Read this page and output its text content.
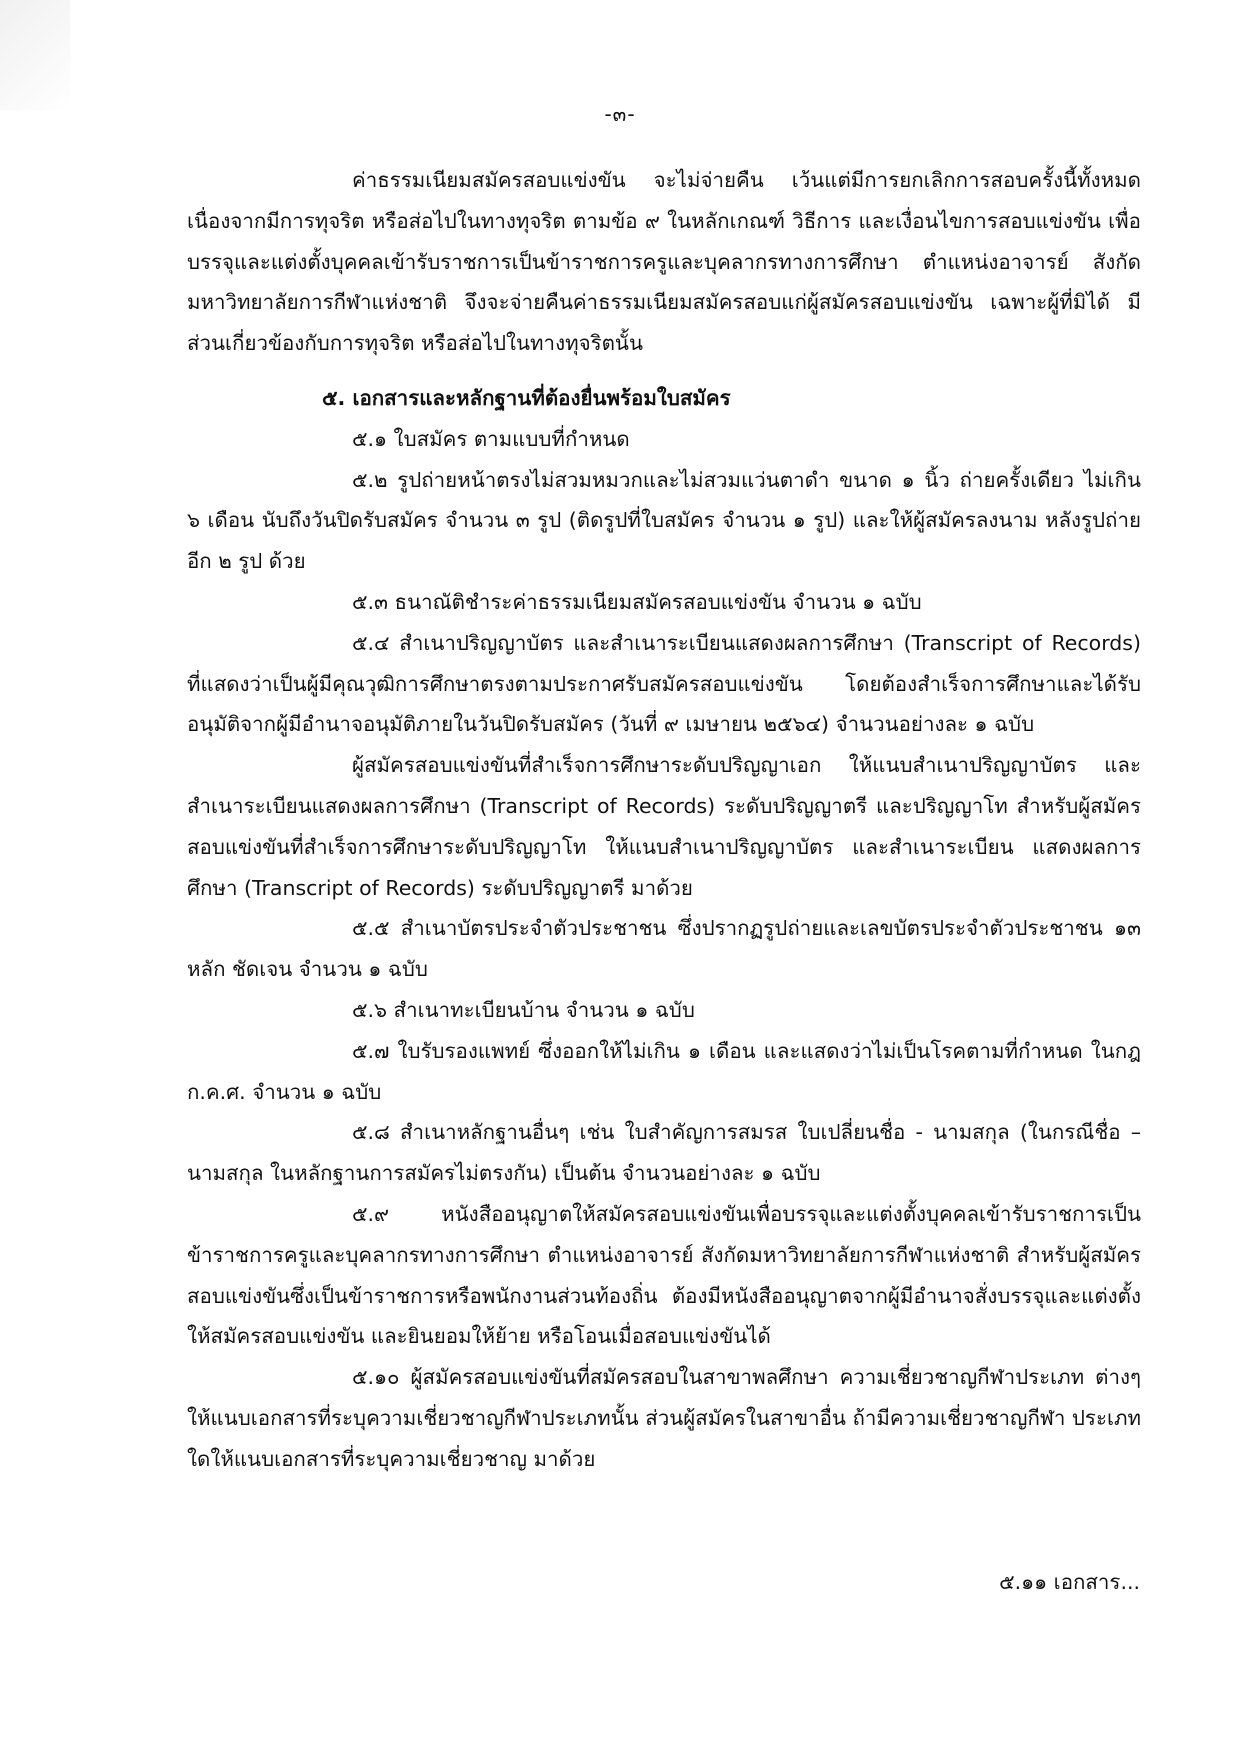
-๓-

ค่าธรรมเนียมสมัครสอบแข่งขัน จะไม่จ่ายคืน เว้นแต่มีการยกเลิกการสอบครั้งนี้ทั้งหมด เนื่องจากมีการทุจริต หรือส่อไปในทางทุจริต ตามข้อ ๙ ในหลักเกณฑ์ วิธีการ และเงื่อนไขการสอบแข่งขัน เพื่อบรรจุและแต่งตั้งบุคคลเข้ารับราชการเป็นข้าราชการครูและบุคลากรทางการศึกษา ตำแหน่งอาจารย์ สังกัด มหาวิทยาลัยการกีฬาแห่งชาติ จึงจะจ่ายคืนค่าธรรมเนียมสมัครสอบแก่ผู้สมัครสอบแข่งขัน เฉพาะผู้ที่มิได้ มีส่วนเกี่ยวข้องกับการทุจริต หรือส่อไปในทางทุจริตนั้น

๕. เอกสารและหลักฐานที่ต้องยื่นพร้อมใบสมัคร

๕.๑ ใบสมัคร ตามแบบที่กำหนด

๕.๒ รูปถ่ายหน้าตรงไม่สวมหมวกและไม่สวมแว่นตาดำ ขนาด ๑ นิ้ว ถ่ายครั้งเดียว ไม่เกิน ๖ เดือน นับถึงวันปิดรับสมัคร จำนวน ๓ รูป (ติดรูปที่ใบสมัคร จำนวน ๑ รูป) และให้ผู้สมัครลงนาม หลังรูปถ่ายอีก ๒ รูป ด้วย

๕.๓ ธนาณัติชำระค่าธรรมเนียมสมัครสอบแข่งขัน จำนวน ๑ ฉบับ

๕.๔ สำเนาปริญญาบัตร และสำเนาระเบียนแสดงผลการศึกษา (Transcript of Records) ที่แสดงว่าเป็นผู้มีคุณวุฒิการศึกษาตรงตามประกาศรับสมัครสอบแข่งขัน โดยต้องสำเร็จการศึกษาและได้รับ อนุมัติจากผู้มีอำนาจอนุมัติภายในวันปิดรับสมัคร (วันที่ ๙ เมษายน ๒๕๖๔) จำนวนอย่างละ ๑ ฉบับ

ผู้สมัครสอบแข่งขันที่สำเร็จการศึกษาระดับปริญญาเอก ให้แนบสำเนาปริญญาบัตร และสำเนาระเบียนแสดงผลการศึกษา (Transcript of Records) ระดับปริญญาตรี และปริญญาโท สำหรับผู้สมัครสอบแข่งขันที่สำเร็จการศึกษาระดับปริญญาโท ให้แนบสำเนาปริญญาบัตร และสำเนาระเบียน แสดงผลการศึกษา (Transcript of Records) ระดับปริญญาตรี มาด้วย

๕.๕ สำเนาบัตรประจำตัวประชาชน ซึ่งปรากฏรูปถ่ายและเลขบัตรประจำตัวประชาชน ๑๓ หลัก ชัดเจน จำนวน ๑ ฉบับ

๕.๖ สำเนาทะเบียนบ้าน จำนวน ๑ ฉบับ

๕.๗ ใบรับรองแพทย์ ซึ่งออกให้ไม่เกิน ๑ เดือน และแสดงว่าไม่เป็นโรคตามที่กำหนด ในกฎ ก.ค.ศ. จำนวน ๑ ฉบับ

๕.๘ สำเนาหลักฐานอื่นๆ เช่น ใบสำคัญการสมรส ใบเปลี่ยนชื่อ - นามสกุล (ในกรณีชื่อ – นามสกุล ในหลักฐานการสมัครไม่ตรงกัน) เป็นต้น จำนวนอย่างละ ๑ ฉบับ

๕.๙ หนังสืออนุญาตให้สมัครสอบแข่งขันเพื่อบรรจุและแต่งตั้งบุคคลเข้ารับราชการเป็น ข้าราชการครูและบุคลากรทางการศึกษา ตำแหน่งอาจารย์ สังกัดมหาวิทยาลัยการกีฬาแห่งชาติ สำหรับผู้สมัคร สอบแข่งขันซึ่งเป็นข้าราชการหรือพนักงานส่วนท้องถิ่น ต้องมีหนังสืออนุญาตจากผู้มีอำนาจสั่งบรรจุและแต่งตั้ง ให้สมัครสอบแข่งขัน และยินยอมให้ย้าย หรือโอนเมื่อสอบแข่งขันได้

๕.๑๐ ผู้สมัครสอบแข่งขันที่สมัครสอบในสาขาพลศึกษา ความเชี่ยวชาญกีฬาประเภท ต่างๆ ให้แนบเอกสารที่ระบุความเชี่ยวชาญกีฬาประเภทนั้น ส่วนผู้สมัครในสาขาอื่น ถ้ามีความเชี่ยวชาญกีฬา ประเภทใดให้แนบเอกสารที่ระบุความเชี่ยวชาญ มาด้วย

๕.๑๑ เอกสาร...
